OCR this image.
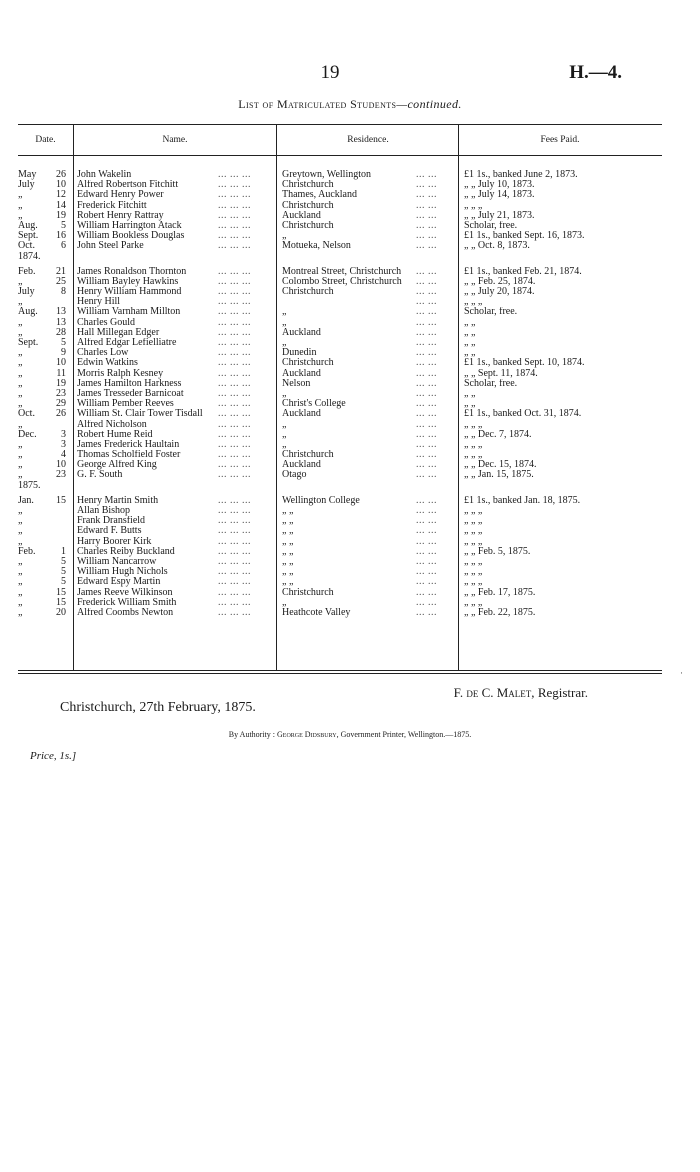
19	H.—4.
List of Matriculated Students—continued.
Date.	Name.	Residence.	Fees Paid.
May	26 John Wakelin	Greytown, Wellington	£1 1s., banked June 2, 1873.
... ... ...	... ...
July	10 Alfred Robertson Fitchitt	Christchurch	„ „ July 10, 1873.
... ... ...	... ...
„	12 Edward Henry Power	Thames, Auckland	„ „ July 14, 1873.
... ... ...	... ...
„	14 Frederick Fitchitt	Christchurch	„ „ „
... ... ...	... ...
„	19 Robert Henry Rattray	Auckland	„ „ July 21, 1873.
... ... ...	... ...
Aug.	5 William Harrington Atack	Christchurch	Scholar, free.
... ... ...	... ...
Sept.	16 William Bookless Douglas	„	£1 1s., banked Sept. 16, 1873.
... ... ...	... ...
Oct.	6 John Steel Parke	Motueka, Nelson	„ „ Oct. 8, 1873.
... ... ...	... ...
1874.
Feb.	21 James Ronaldson Thornton	Montreal Street, Christchurch	£1 1s., banked Feb. 21, 1874.
... ... ...	... ...
„	25 William Bayley Hawkins	Colombo Street, Christchurch	„ „ Feb. 25, 1874.
... ... ...	... ...
July	8 Henry William Hammond	Christchurch	„ „ July 20, 1874.
... ... ...	... ...
„	Henry Hill	„ „ „
... ... ...	... ...
Aug.	13 William Varnham Millton	„	Scholar, free.
... ... ...	... ...
„	13 Charles Gould	„	„ „
... ... ...	... ...
„	28 Hall Millegan Edger	Auckland	„ „
... ... ...	... ...
Sept.	5 Alfred Edgar Lefielliatre	„	„ „
... ... ...	... ...
„	9 Charles Low	Dunedin	„ „
... ... ...	... ...
„	10 Edwin Watkins	Christchurch	£1 1s., banked Sept. 10, 1874.
... ... ...	... ...
„	11 Morris Ralph Kesney	Auckland	„ „ Sept. 11, 1874.
... ... ...	... ...
„	19 James Hamilton Harkness	Nelson	Scholar, free.
... ... ...	... ...
„	23 James Tresseder Barnicoat	„	„ „
... ... ...	... ...
„	29 William Pember Reeves	Christ's College	„ „
... ... ...	... ...
Oct.	26 William St. Clair Tower Tisdall	Auckland	£1 1s., banked Oct. 31, 1874.
... ... ...	... ...
„	Alfred Nicholson	„	„ „ „
... ... ...	... ...
Dec.	3 Robert Hume Reid	„	„ „ Dec. 7, 1874.
... ... ...	... ...
„	3 James Frederick Haultain	„	„ „ „
... ... ...	... ...
„	4 Thomas Scholfield Foster	Christchurch	„ „ „
... ... ...	... ...
„	10 George Alfred King	Auckland	„ „ Dec. 15, 1874.
... ... ...	... ...
„	23 G. F. South	Otago	„ „ Jan. 15, 1875.
... ... ...	... ...
1875.
Jan.	15 Henry Martin Smith	Wellington College	£1 1s., banked Jan. 18, 1875.
... ... ...	... ...
„	Allan Bishop	„ „	„ „ „
... ... ...	... ...
„	Frank Dransfield	„ „	„ „ „
... ... ...	... ...
„	Edward F. Butts	„ „	„ „ „
... ... ...	... ...
„	Harry Boorer Kirk	„ „	„ „ „
... ... ...	... ...
Feb.	1 Charles Reiby Buckland	„ „	„ „ Feb. 5, 1875.
... ... ...	... ...
„	5 William Nancarrow	„ „	„ „ „
... ... ...	... ...
„	5 William Hugh Nichols	„ „	„ „ „
... ... ...	... ...
„	5 Edward Espy Martin	„ „	„ „ „
... ... ...	... ...
„	15 James Reeve Wilkinson	Christchurch	„ „ Feb. 17, 1875.
... ... ...	... ...
„	15 Frederick William Smith	„	„ „ „
... ... ...	... ...
„	20 Alfred Coombs Newton	Heathcote Valley	„ „ Feb. 22, 1875.
... ... ...	... ...
·
F. de C. Malet, Registrar.
Christchurch, 27th February, 1875.
By Authority : George Didsbury, Government Printer, Wellington.—1875.
Price, 1s.]
